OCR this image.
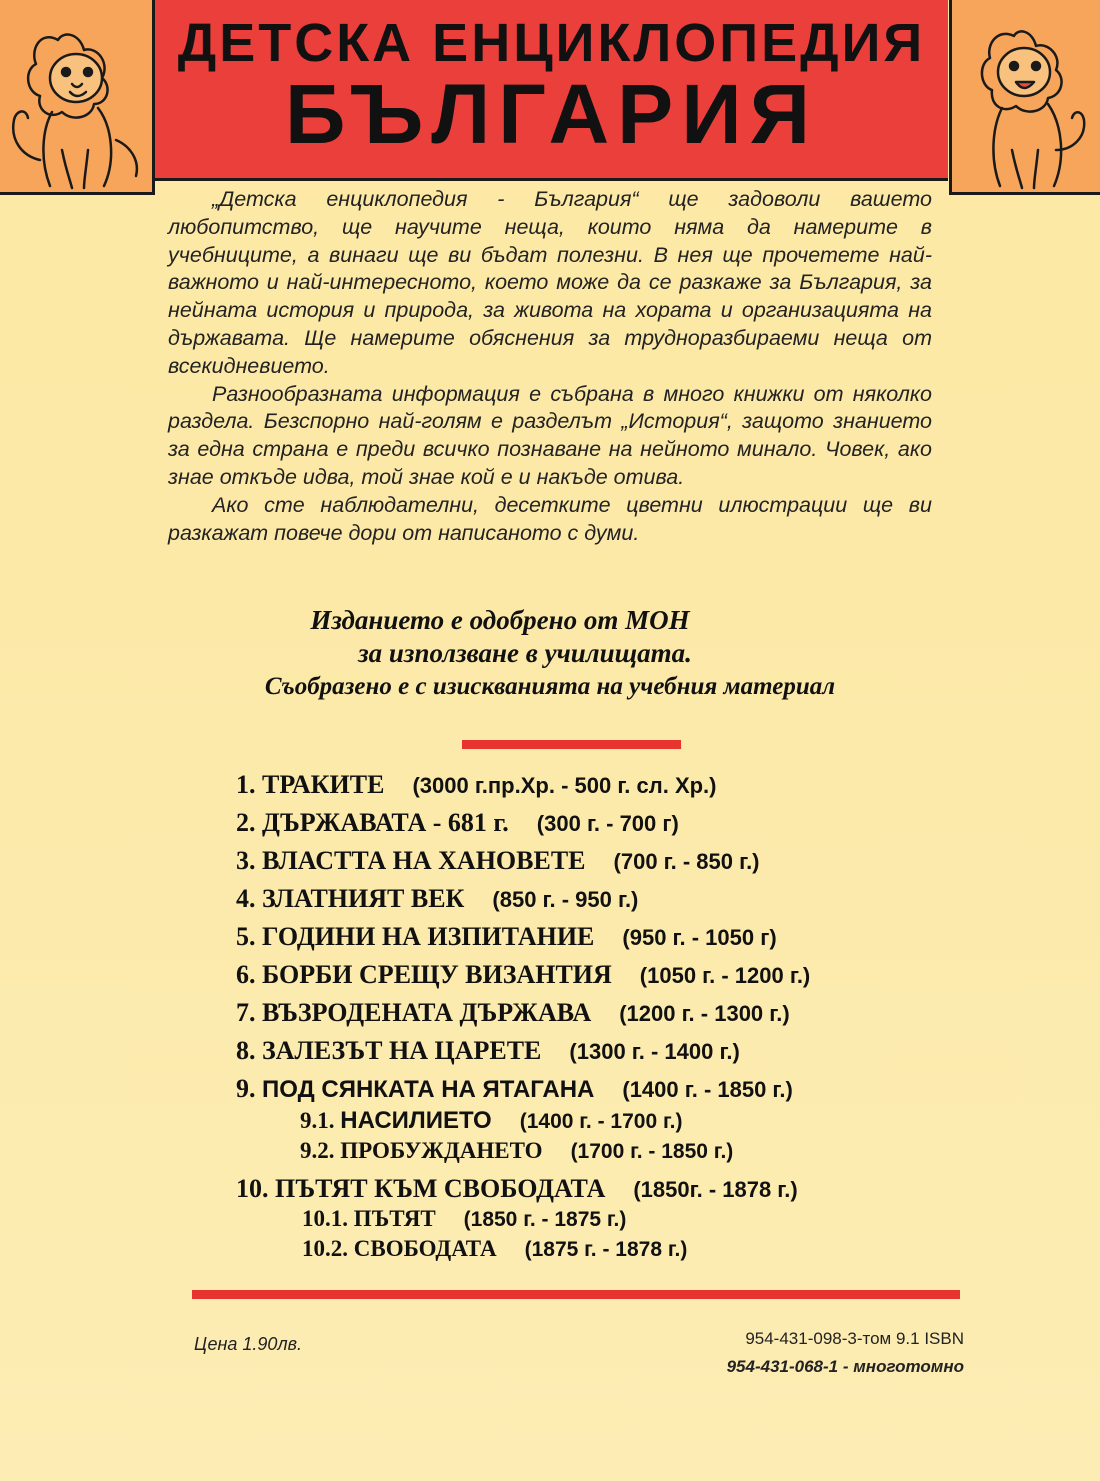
ДЕТСКА ЕНЦИКЛОПЕДИЯ
БЪЛГАРИЯ

„Детска енциклопедия - България“ ще задоволи вашето любопитство, ще научите неща, които няма да намерите в учебниците, а винаги ще ви бъдат полезни. В нея ще прочетете най-важното и най-интересното, което може да се разкаже за България, за нейната история и природа, за живота на хората и организацията на държавата. Ще намерите обяснения за трудноразбираеми неща от всекидневието.

Разнообразната информация е събрана в много книжки от няколко раздела. Безспорно най-голям е разделът „История“, защото знанието за една страна е преди всичко познаване на нейното минало. Човек, ако знае откъде идва, той знае кой е и накъде отива.

Ако сте наблюдателни, десетките цветни илюстрации ще ви разкажат повече дори от написаното с думи.

Изданието е одобрено от МОН
за използване в училищата.
Съобразено е с изискванията на учебния материал
1. ТРАКИТЕ (3000 г.пр.Хр. - 500 г. сл. Хр.)
2. ДЪРЖАВАТА - 681 г. (300 г. - 700 г)
3. ВЛАСТТА НА ХАНОВЕТЕ (700 г. - 850 г.)
4. ЗЛАТНИЯТ ВЕК (850 г. - 950 г.)
5. ГОДИНИ НА ИЗПИТАНИЕ (950 г. - 1050 г)
6. БОРБИ СРЕЩУ ВИЗАНТИЯ (1050 г. - 1200 г.)
7. ВЪЗРОДЕНАТА ДЪРЖАВА (1200 г. - 1300 г.)
8. ЗАЛЕЗЪТ НА ЦАРЕТЕ (1300 г. - 1400 г.)
9. ПОД СЯНКАТА НА ЯТАГАНА (1400 г. - 1850 г.)
9.1. НАСИЛИЕТО (1400 г. - 1700 г.)
9.2. ПРОБУЖДАНЕТО (1700 г. - 1850 г.)
10. ПЪТЯТ КЪМ СВОБОДАТА (1850г. - 1878 г.)
10.1. ПЪТЯТ (1850 г. - 1875 г.)
10.2. СВОБОДАТА (1875 г. - 1878 г.)
Цена 1.90лв.	954-431-098-3-том 9.1 ISBN
954-431-068-1 - многотомно
